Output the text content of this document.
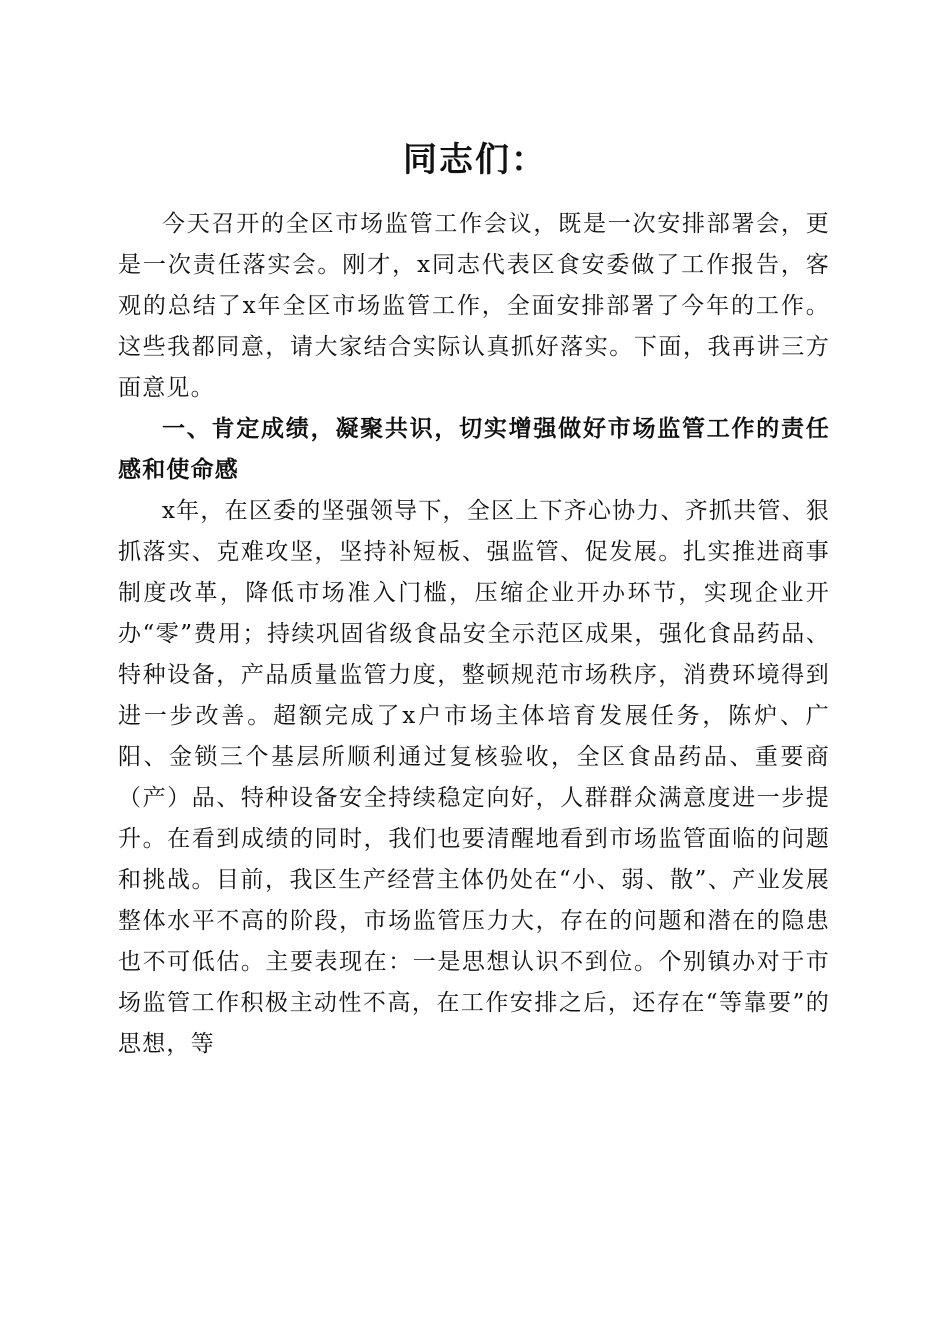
同志们：

今天召开的全区市场监管工作会议，既是一次安排部署会，更是一次责任落实会。刚才，x同志代表区食安委做了工作报告，客观的总结了x年全区市场监管工作，全面安排部署了今年的工作。这些我都同意，请大家结合实际认真抓好落实。下面，我再讲三方面意见。

一、肯定成绩，凝聚共识，切实增强做好市场监管工作的责任感和使命感

x年，在区委的坚强领导下，全区上下齐心协力、齐抓共管、狠抓落实、克难攻坚，坚持补短板、强监管、促发展。扎实推进商事制度改革，降低市场准入门槛，压缩企业开办环节，实现企业开办“零”费用；持续巩固省级食品安全示范区成果，强化食品药品、特种设备，产品质量监管力度，整顿规范市场秩序，消费环境得到进一步改善。超额完成了x户市场主体培育发展任务，陈炉、广阳、金锁三个基层所顺利通过复核验收，全区食品药品、重要商（产）品、特种设备安全持续稳定向好，人群群众满意度进一步提升。在看到成绩的同时，我们也要清醒地看到市场监管面临的问题和挑战。目前，我区生产经营主体仍处在“小、弱、散”、产业发展整体水平不高的阶段，市场监管压力大，存在的问题和潜在的隐患也不可低估。主要表现在：一是思想认识不到位。个别镇办对于市场监管工作积极主动性不高，在工作安排之后，还存在“等靠要”的思想，等
